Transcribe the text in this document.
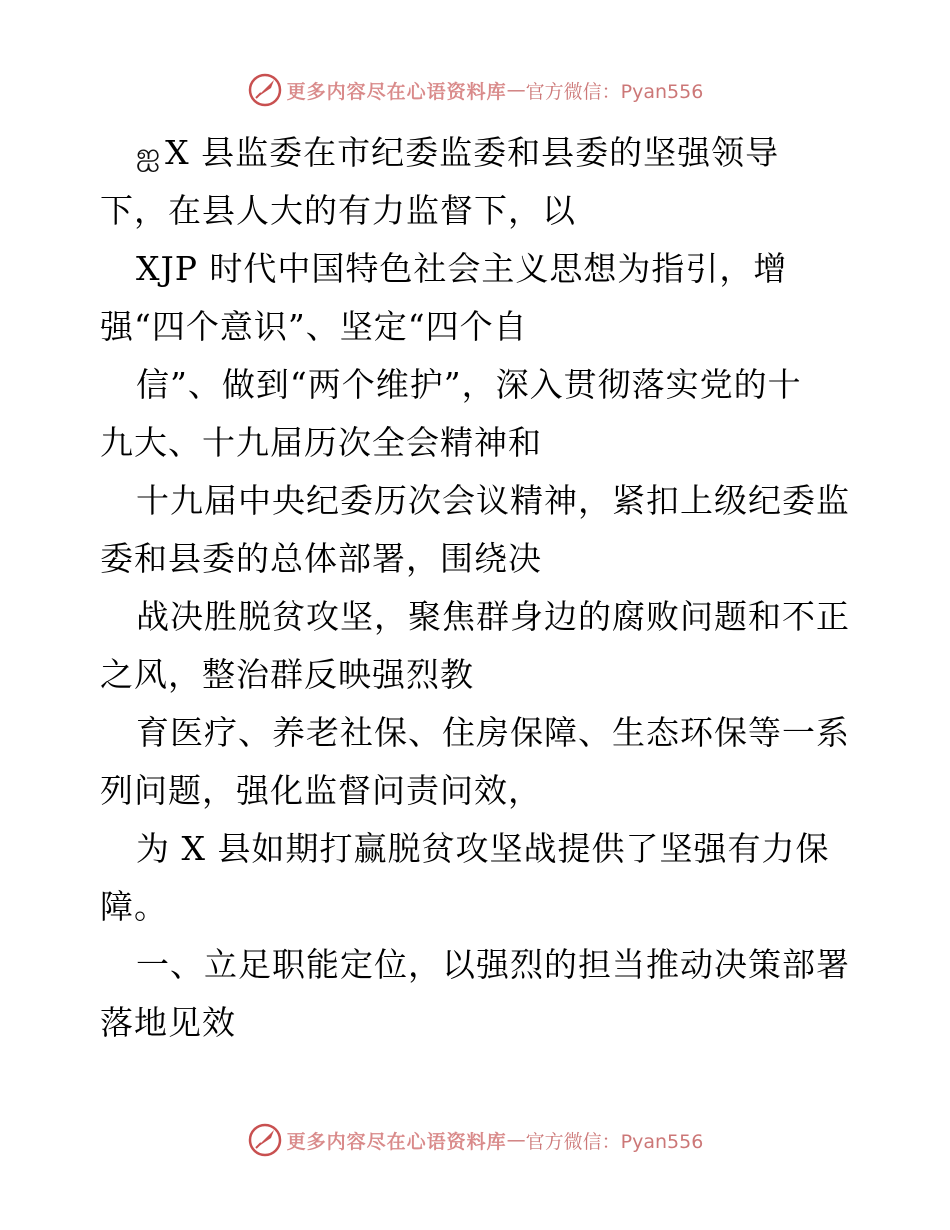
更多内容尽在心语资料库 — 官方微信：Pyan556
ஐ X 县监委在市纪委监委和县委的坚强领导
下，在县人大的有力监督下，以
XJP 时代中国特色社会主义思想为指引，增
强“四个意识”、坚定“四个自
信”、做到“两个维护”，深入贯彻落实党的十
九大、十九届历次全会精神和
十九届中央纪委历次会议精神，紧扣上级纪委监
委和县委的总体部署，围绕决
战决胜脱贫攻坚，聚焦群身边的腐败问题和不正
之风，整治群反映强烈教
育医疗、养老社保、住房保障、生态环保等一系
列问题，强化监督问责问效，
为 X 县如期打赢脱贫攻坚战提供了坚强有力保
障。
一、立足职能定位，以强烈的担当推动决策部署
落地见效
更多内容尽在心语资料库 — 官方微信：Pyan556
